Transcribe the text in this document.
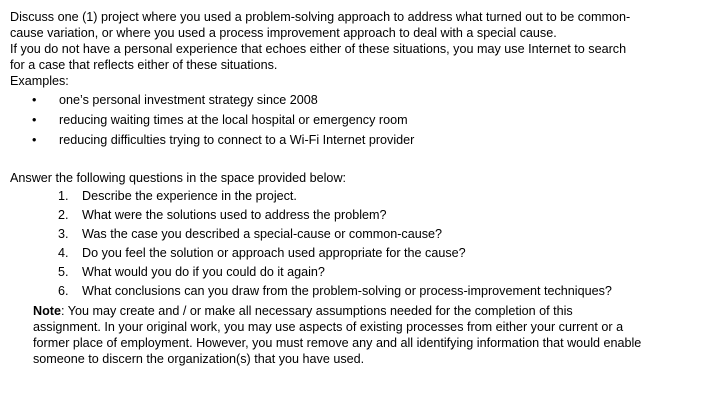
Discuss one (1) project where you used a problem-solving approach to address what turned out to be common-cause variation, or where you used a process improvement approach to deal with a special cause.

If you do not have a personal experience that echoes either of these situations, you may use Internet to search for a case that reflects either of these situations.

Examples:

• one’s personal investment strategy since 2008
• reducing waiting times at the local hospital or emergency room
• reducing difficulties trying to connect to a Wi-Fi Internet provider

Answer the following questions in the space provided below:

1. Describe the experience in the project.
2. What were the solutions used to address the problem?
3. Was the case you described a special-cause or common-cause?
4. Do you feel the solution or approach used appropriate for the cause?
5. What would you do if you could do it again?
6. What conclusions can you draw from the problem-solving or process-improvement techniques?

Note: You may create and / or make all necessary assumptions needed for the completion of this assignment. In your original work, you may use aspects of existing processes from either your current or a former place of employment. However, you must remove any and all identifying information that would enable someone to discern the organization(s) that you have used.
